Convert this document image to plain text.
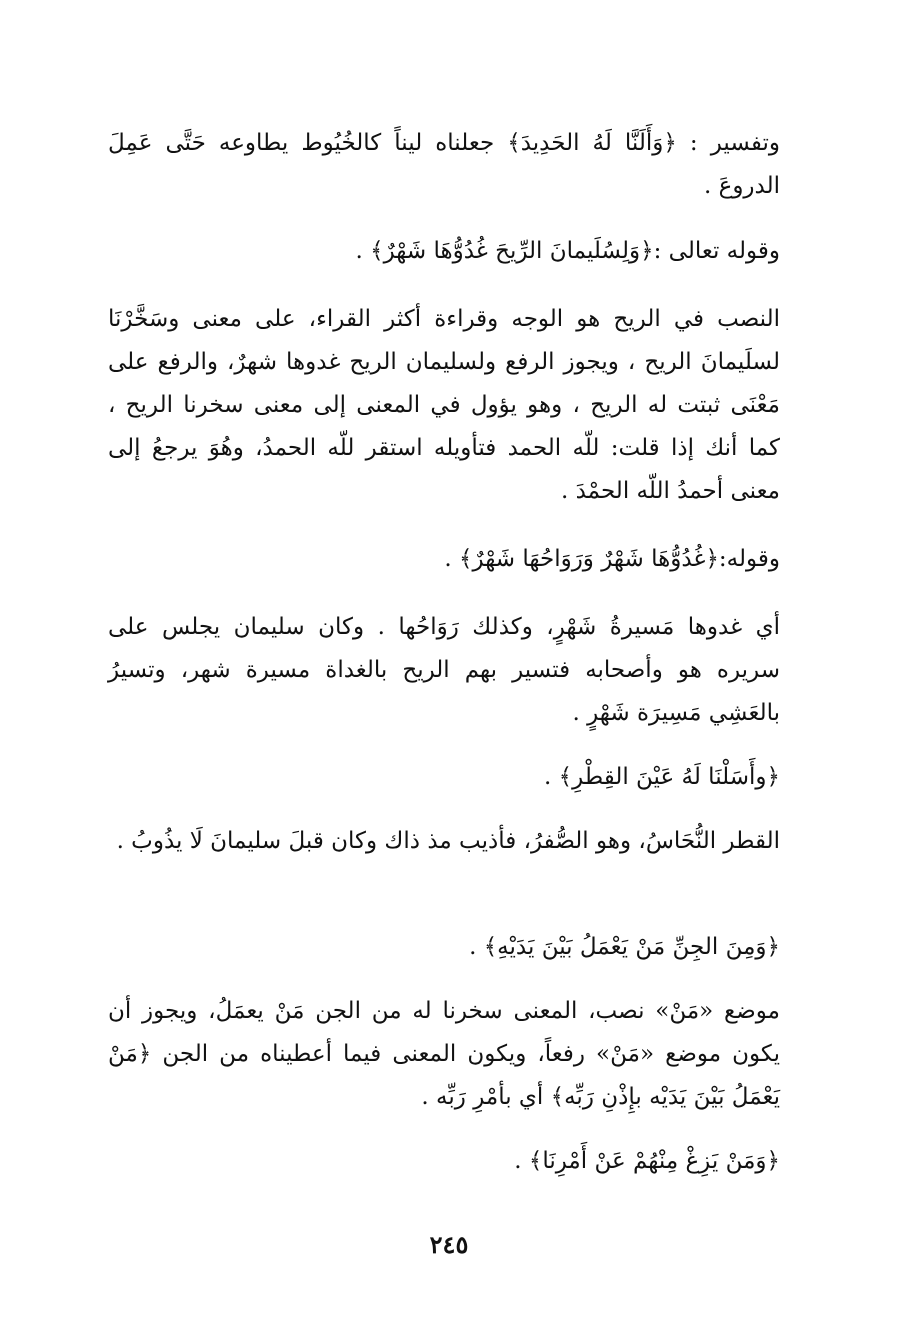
وتفسير : ﴿وَأَلَنَّا لَهُ الحَدِيدَ﴾ جعلناه ليناً كالخُيُوط يطاوعه حَتَّى عَمِلَ الدروعَ .
وقوله تعالى :﴿وَلِسُلَيمانَ الرِّيحَ غُدُوُّهَا شَهْرٌ﴾ .
النصب في الريح هو الوجه وقراءة أكثر القراء، على معنى وسَخَّرْنَا لسلَيمانَ الريح ، ويجوز الرفع ولسليمان الريح غدوها شهرٌ، والرفع على مَعْنَى ثبتت له الريح ، وهو يؤول في المعنى إلى معنى سخرنا الريح ، كما أنك إذا قلت: للّه الحمد فتأويله استقر للّه الحمدُ، وهُوَ يرجعُ إلى معنى أحمدُ اللّه الحمْدَ .
وقوله:﴿غُدُوُّهَا شَهْرٌ وَرَوَاحُهَا شَهْرٌ﴾ .
أي غدوها مَسيرةُ شَهْرٍ، وكذلك رَوَاحُها . وكان سليمان يجلس على سريره هو وأصحابه فتسير بهم الريح بالغداة مسيرة شهر، وتسيرُ بالعَشِي مَسِيرَة شَهْرٍ .
﴿وأَسَلْنَا لَهُ عَيْنَ القِطْرِ﴾ .
القطر النُّحَاسُ، وهو الصُّفرُ، فأذيب مذ ذاك وكان قبلَ سليمانَ لَا يذُوبُ .
﴿وَمِنَ الجِنِّ مَنْ يَعْمَلُ بَيْنَ يَدَيْهِ﴾ .
موضع «مَنْ» نصب، المعنى سخرنا له من الجن مَنْ يعمَلُ، ويجوز أن يكون موضع «مَنْ» رفعاً، ويكون المعنى فيما أعطيناه من الجن ﴿مَنْ يَعْمَلُ بَيْنَ يَدَيْه بإِذْنِ رَبِّه﴾ أي بأمْرِ رَبِّه .
﴿وَمَنْ يَزِغْ مِنْهُمْ عَنْ أَمْرِنَا﴾ .
٢٤٥
